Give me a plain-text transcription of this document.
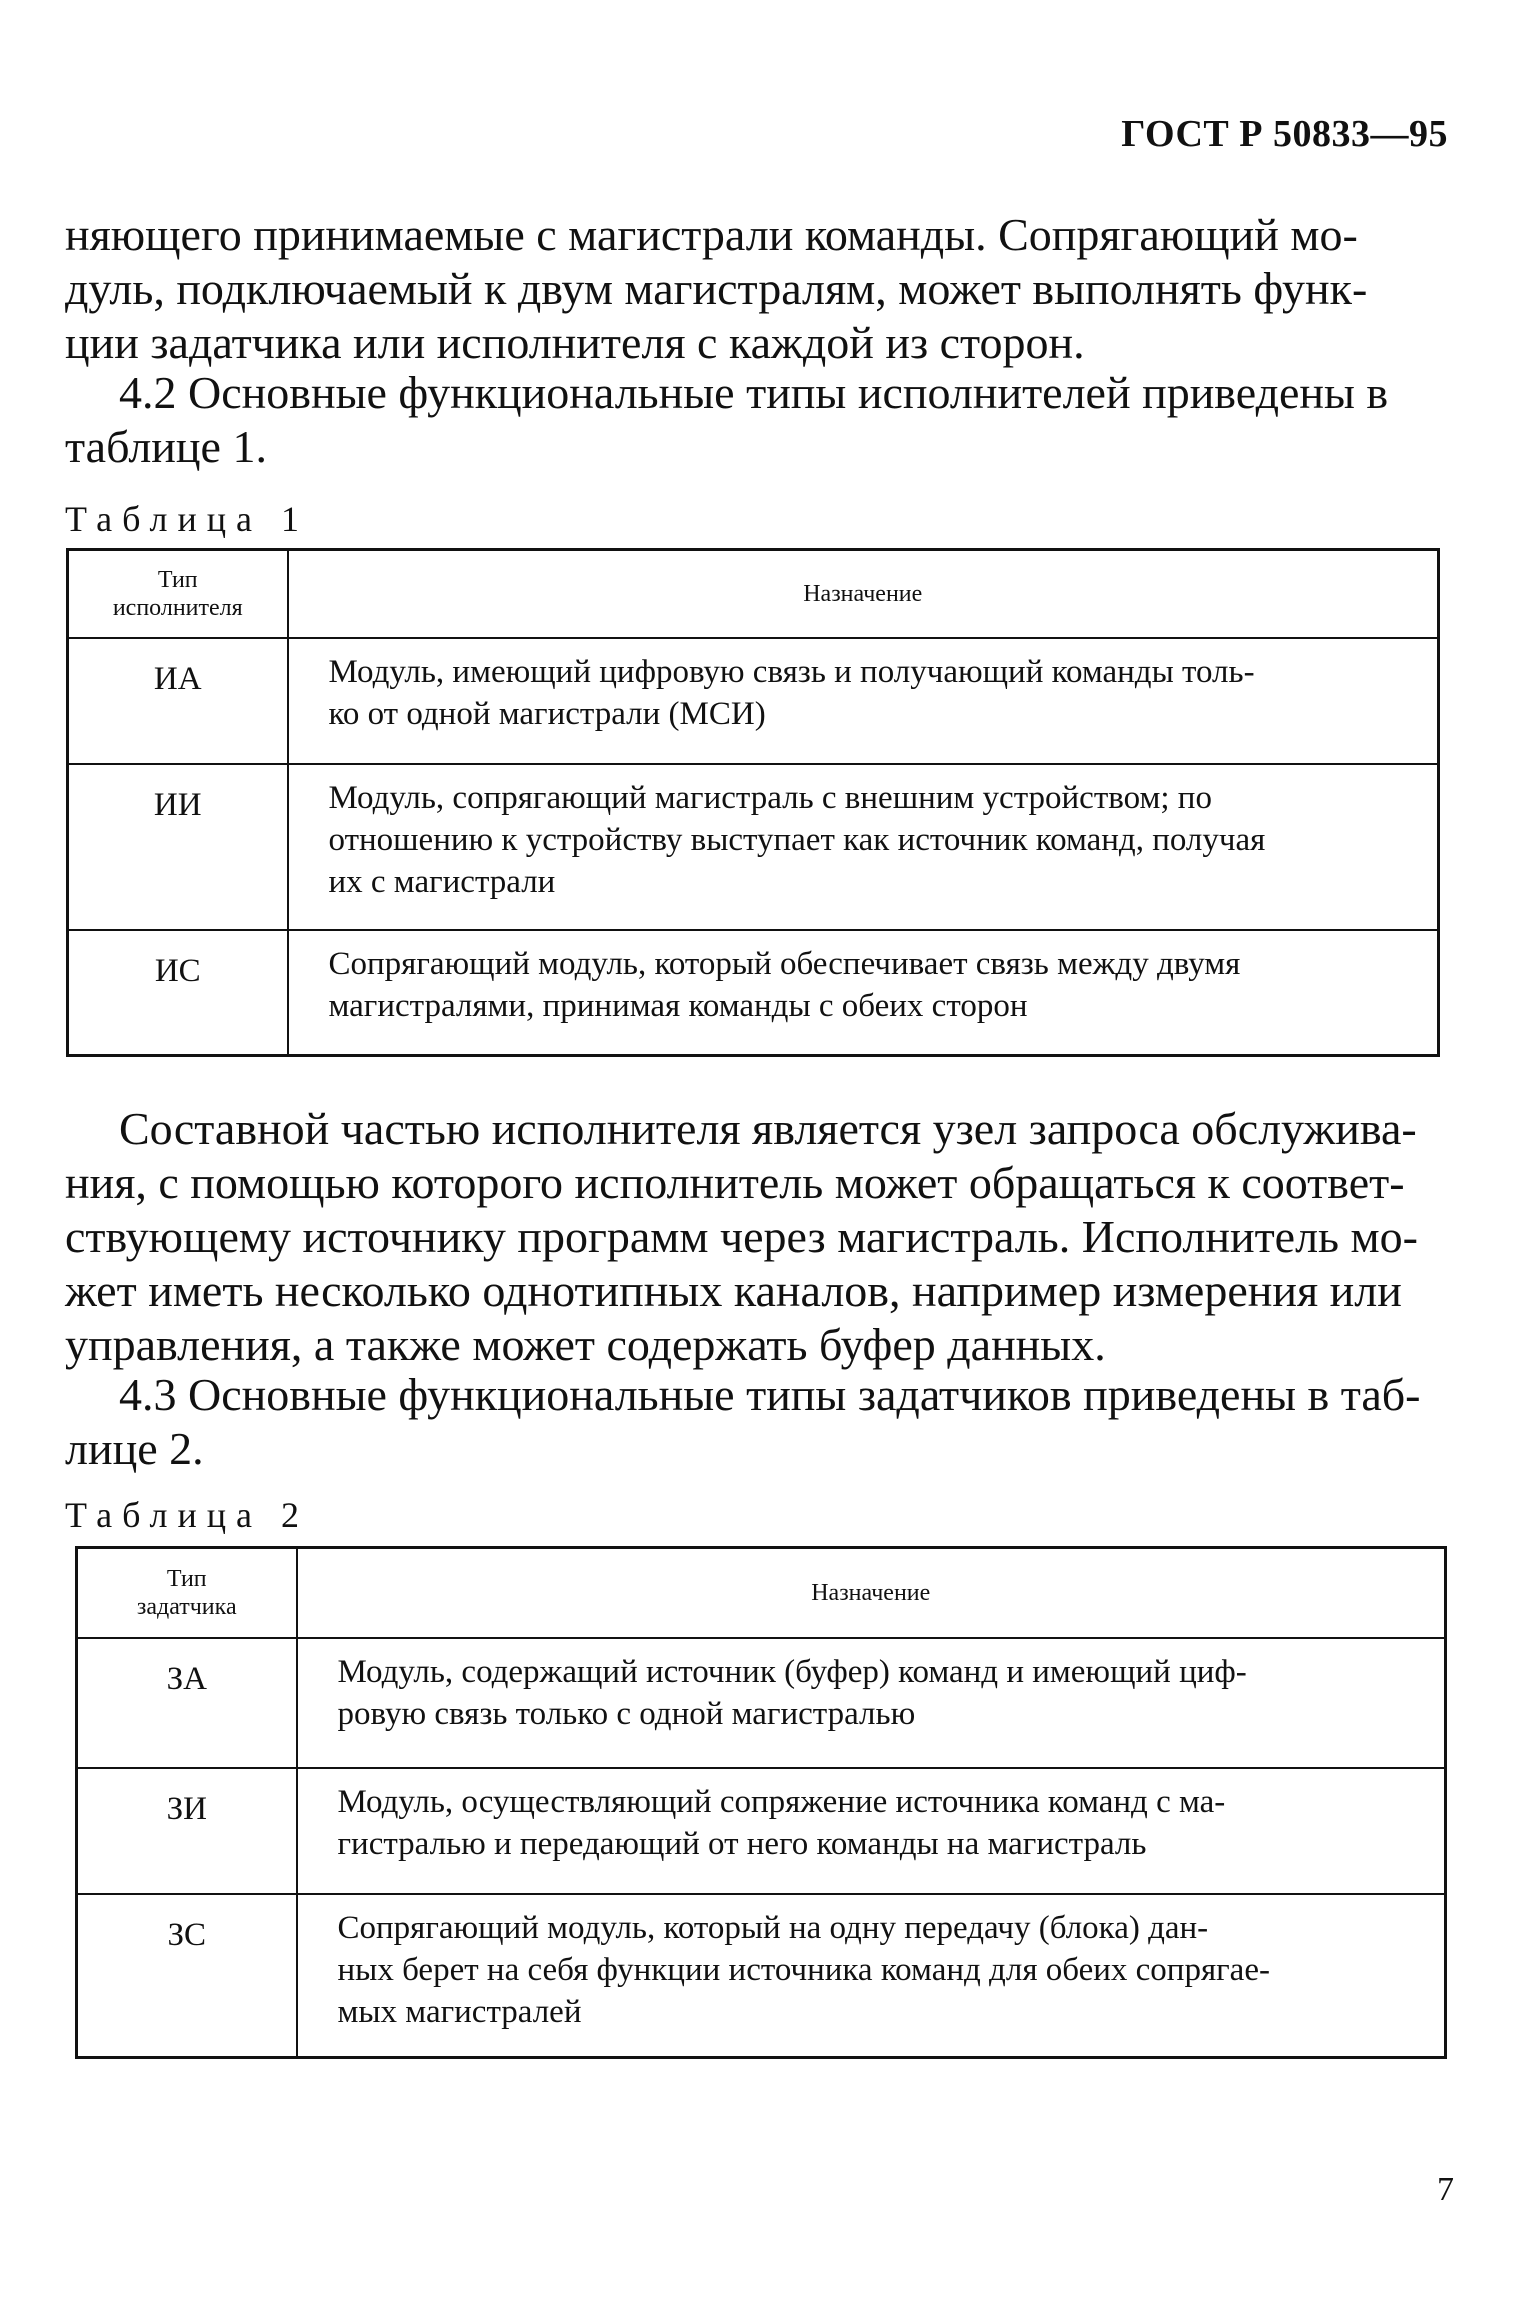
ГОСТ Р 50833—95
няющего принимаемые с магистрали команды. Сопрягающий мо-
дуль, подключаемый к двум магистралям, может выполнять функ-
ции задатчика или исполнителя с каждой из сторон.
4.2 Основные функциональные типы исполнителей приведены в
таблице 1.
Таблица 1
Тип
исполнителя	Назначение
ИА	Модуль, имеющий цифровую связь и получающий команды толь-
ко от одной магистрали (МСИ)

ИИ	Модуль, сопрягающий магистраль с внешним устройством; по
отношению к устройству выступает как источник команд, получая
их с магистрали

ИС	Сопрягающий модуль, который обеспечивает связь между двумя
магистралями, принимая команды с обеих сторон
Составной частью исполнителя является узел запроса обслужива-
ния, с помощью которого исполнитель может обращаться к соответ-
ствующему источнику программ через магистраль. Исполнитель мо-
жет иметь несколько однотипных каналов, например измерения или
управления, а также может содержать буфер данных.
4.3 Основные функциональные типы задатчиков приведены в таб-
лице 2.
Таблица 2
Тип
задатчика	Назначение
ЗА	Модуль, содержащий источник (буфер) команд и имеющий циф-
ровую связь только с одной магистралью

ЗИ	Модуль, осуществляющий сопряжение источника команд с ма-
гистралью и передающий от него команды на магистраль

ЗС	Сопрягающий модуль, который на одну передачу (блока) дан-
ных берет на себя функции источника команд для обеих сопрягае-
мых магистралей
7
